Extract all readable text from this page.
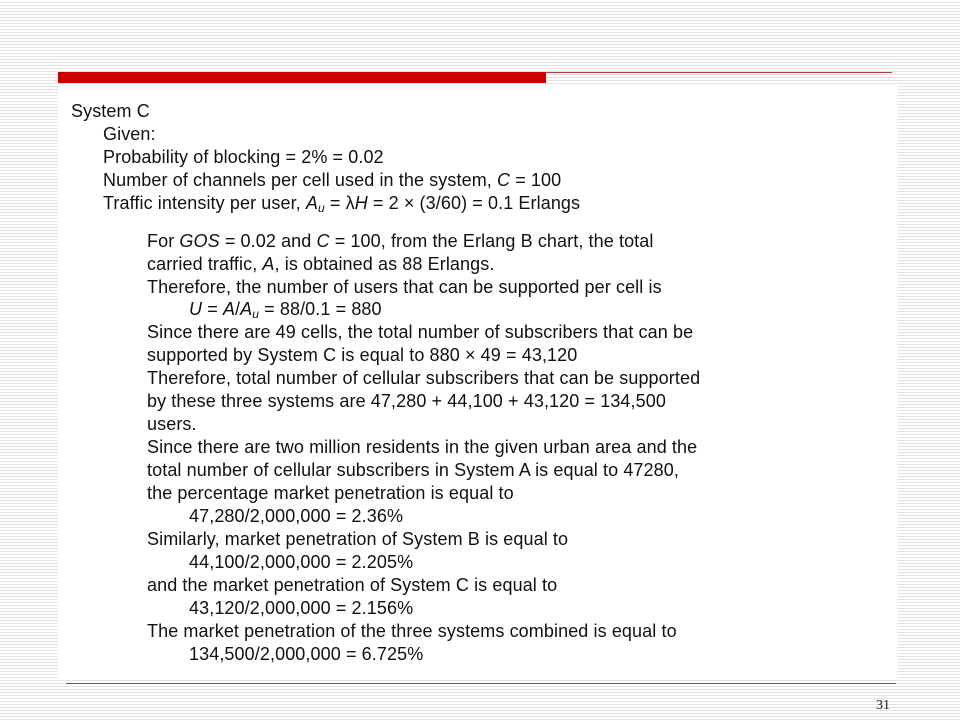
System C
Given:
Probability of blocking = 2% = 0.02
Number of channels per cell used in the system, C = 100
Traffic intensity per user, $A_u = \lambda H = 2 \times (3/60) = 0.1$ Erlangs
For GOS = 0.02 and C = 100, from the Erlang B chart, the total
carried traffic, A, is obtained as 88 Erlangs.
Therefore, the number of users that can be supported per cell is
$U = A/A_u = 88/0.1 = 880$
Since there are 49 cells, the total number of subscribers that can be
supported by System C is equal to 880 × 49 = 43,120
Therefore, total number of cellular subscribers that can be supported
by these three systems are 47,280 + 44,100 + 43,120 = 134,500
users.
Since there are two million residents in the given urban area and the
total number of cellular subscribers in System A is equal to 47280,
the percentage market penetration is equal to
47,280/2,000,000 = 2.36%
Similarly, market penetration of System B is equal to
44,100/2,000,000 = 2.205%
and the market penetration of System C is equal to
43,120/2,000,000 = 2.156%
The market penetration of the three systems combined is equal to
134,500/2,000,000 = 6.725%
31
